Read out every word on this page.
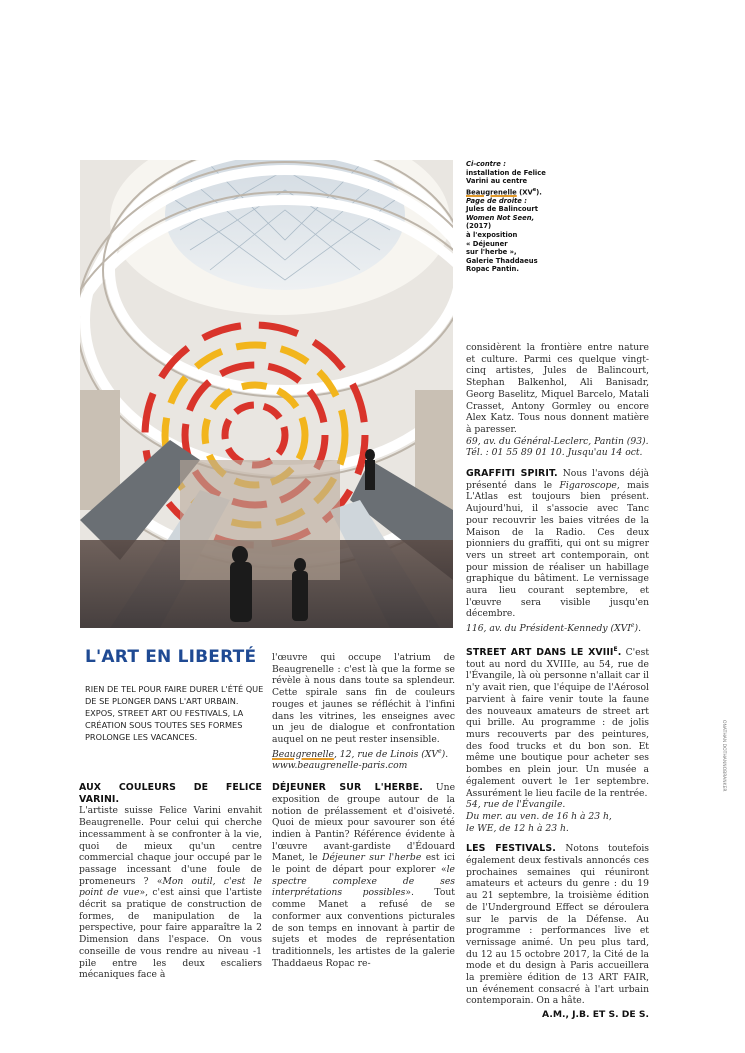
Ci-contre :
installation de Felice
Varini au centre
Beaugrenelle (XVe).
Page de droite :
Jules de Balincourt
Women Not Seen,
(2017)
à l'exposition
« Déjeuner
sur l'herbe »,
Galerie Thaddaeus
Ropac Pantin.
L'ART EN LIBERTÉ
RIEN DE TEL POUR FAIRE DURER L'ÉTÉ QUE DE SE PLONGER DANS L'ART URBAIN. EXPOS, STREET ART OU FESTIVALS, LA CRÉATION SOUS TOUTES SES FORMES PROLONGE LES VACANCES.
AUX COULEURS DE FELICE VARINI.

L'artiste suisse Felice Varini envahit Beaugrenelle. Pour celui qui cherche incessamment à se confronter à la vie, quoi de mieux qu'un centre commercial chaque jour occupé par le passage incessant d'une foule de promeneurs ? «Mon outil, c'est le point de vue», c'est ainsi que l'artiste décrit sa pratique de construction de formes, de manipulation de la perspective, pour faire apparaître la 2 Dimension dans l'espace. On vous conseille de vous rendre au niveau -1 pile entre les deux escaliers mécaniques face à

l'œuvre qui occupe l'atrium de Beaugrenelle : c'est là que la forme se révèle à nous dans toute sa splendeur. Cette spirale sans fin de couleurs rouges et jaunes se réfléchit à l'infini dans les vitrines, les enseignes avec un jeu de dialogue et confrontation auquel on ne peut rester insensible.

Beaugrenelle, 12, rue de Linois (XVe).
www.beaugrenelle-paris.com

DÉJEUNER SUR L'HERBE. Une exposition de groupe autour de la notion de prélassement et d'oisiveté. Quoi de mieux pour savourer son été indien à Pantin? Référence évidente à l'œuvre avant-gardiste d'Édouard Manet, le Déjeuner sur l'herbe est ici le point de départ pour explorer «le spectre complexe de ses interprétations possibles». Tout comme Manet a refusé de se conformer aux conventions picturales de son temps en innovant à partir de sujets et modes de représentation traditionnels, les artistes de la galerie Thaddaeus Ropac re-

considèrent la frontière entre nature et culture. Parmi ces quelque vingt-cinq artistes, Jules de Balincourt, Stephan Balkenhol, Ali Banisadr, Georg Baselitz, Miquel Barcelo, Matali Crasset, Antony Gormley ou encore Alex Katz. Tous nous donnent matière à paresser.

69, av. du Général-Leclerc, Pantin (93).
Tél. : 01 55 89 01 10. Jusqu'au 14 oct.

GRAFFITI SPIRIT. Nous l'avons déjà présenté dans le Figaroscope, mais L'Atlas est toujours bien présent. Aujourd'hui, il s'associe avec Tanc pour recouvrir les baies vitrées de la Maison de la Radio. Ces deux pionniers du graffiti, qui ont su migrer vers un street art contemporain, ont pour mission de réaliser un habillage graphique du bâtiment. Le vernissage aura lieu courant septembre, et l'œuvre sera visible jusqu'en décembre.

116, av. du Président-Kennedy (XVIe).

STREET ART DANS LE $XVIII^E$. C'est tout au nord du XVIIIe, au 54, rue de l'Évangile, là où personne n'allait car il n'y avait rien, que l'équipe de l'Aérosol parvient à faire venir toute la faune des nouveaux amateurs de street art qui brille. Au programme : de jolis murs recouverts par des peintures, des food trucks et du bon son. Et même une boutique pour acheter ses bombes en plein jour. Un musée a également ouvert le 1er septembre. Assurément le lieu facile de la rentrée.

54, rue de l'Évangile.
Du mer. au ven. de 16 h à 23 h,
le WE, de 12 h à 23 h.

LES FESTIVALS. Notons toutefois également deux festivals annoncés ces prochaines semaines qui réuniront amateurs et acteurs du genre : du 19 au 21 septembre, la troisième édition de l'Underground Effect se déroulera sur le parvis de la Défense. Au programme : performances live et vernissage animé. Un peu plus tard, du 12 au 15 octobre 2017, la Cité de la mode et du design à Paris accueillera la première édition de 13 ART FAIR, un événement consacré à l'art urbain contemporain. On a hâte.

A.M., J.B. ET S. DE S.
ONATHAN DOTHANNOBRANKER
